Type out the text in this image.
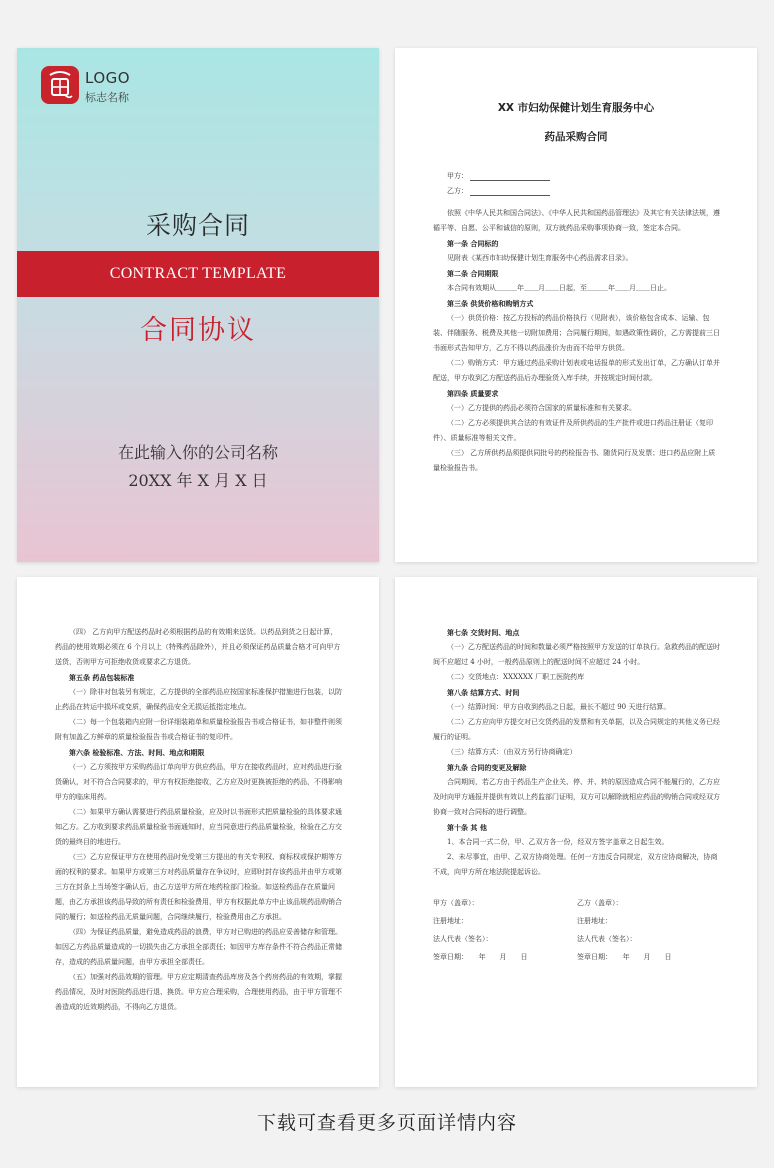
LOGO
标志名称
采购合同
CONTRACT TEMPLATE
合同协议
在此输入你的公司名称
20XX 年 X 月 X 日
XX 市妇幼保健计划生育服务中心
药品采购合同
甲方：
乙方：

依照《中华人民共和国合同法》、《中华人民共和国药品管理法》及其它有关法律法规，遵循平等、自愿、公平和诚信的原则，双方就药品采购事项协商一致，签定本合同。

第一条 合同标的

见附表《某西市妇幼保健计划生育服务中心药品需求目录》。

第二条 合同期限

本合同有效期从＿＿＿年＿＿月＿＿日起，至＿＿＿年＿＿月＿＿日止。

第三条 供货价格和购销方式

（一）供货价格：按乙方投标的药品价格执行（见附表），该价格包含成本、运输、包装、伴随服务、税费及其他一切附加费用；合同履行期间，如遇政策性调价，乙方需提前三日书面形式告知甲方，乙方不得以药品涨价为由而不给甲方供货。

（二）购销方式：甲方通过药品采购计划表或电话报单的形式发出订单，乙方确认订单并配送，甲方收到乙方配送药品后办理验货入库手续，并按规定时间付款。

第四条 质量要求

（一）乙方提供的药品必须符合国家的质量标准和有关要求。

（二）乙方必须提供其合法的有效证件及所供药品的生产批件或进口药品注册证（复印件）、质量标准等相关文件。

（三） 乙方所供药品须提供同批号的药检报告书、随货同行及发票；进口药品应附上质量检验报告书。

（四） 乙方向甲方配送药品时必须根据药品的有效期来送货。以药品到货之日起计算，药品的使用效期必须在 6 个月以上（特殊药品除外），并且必须保证药品质量合格才可向甲方送货，否则甲方可拒绝收货或要求乙方退货。

第五条 药品包装标准

（一）除非对包装另有规定，乙方提供的全部药品应按国家标准保护措施进行包装，以防止药品在转运中损坏或变质，确保药品安全无损运抵指定地点。

（二）每一个包装箱内应附一份详细装箱单和质量检验报告书或合格证书，如非整件则须附有加盖乙方鲜章的质量检验报告书或合格证书的复印件。

第六条 检验标准、方法、时间、地点和期限

（一）乙方须按甲方采购药品订单向甲方供应药品，甲方在接收药品时，应对药品进行验货确认，对不符合合同要求的，甲方有权拒绝接收，乙方应及时更换被拒绝的药品，不得影响甲方的临床用药。

（二）如果甲方确认需要进行药品质量检验，应及时以书面形式把质量检验的具体要求通知乙方。乙方收到要求药品质量检验书面通知时，应当同意进行药品质量检验，检验在乙方交货的最终目的地进行。

（三）乙方应保证甲方在使用药品时免受第三方提出的有关专利权、商标权或保护期等方面的权利的要求。如果甲方或第三方对药品质量存在争议时，应即时封存该药品并由甲方或第三方在封条上当场签字确认后，由乙方送甲方所在地药检部门检验。如送检药品存在质量问题，由乙方承担该药品导致的所有责任和检验费用，甲方有权据此单方中止该品规药品购销合同的履行；如送检药品无质量问题，合同继续履行，检验费用由乙方承担。

（四）为保证药品质量，避免造成药品的浪费，甲方对已购进的药品应妥善储存和管理。如因乙方药品质量造成的一切损失由乙方承担全部责任；如因甲方库存条件不符合药品正常储存，造成的药品质量问题，由甲方承担全部责任。

（五）加强对药品效期的管理。甲方应定期清查药品库房及各个药房药品的有效期，掌握药品情况，及时对医院药品进行退、换货。甲方应合理采购，合理使用药品，由于甲方管理不善造成的近效期药品，不得向乙方退货。

第七条 交货时间、地点

（一）乙方配送药品的时间和数量必须严格按照甲方发送的订单执行。急救药品的配送时间不应超过 4 小时，一般药品原则上的配送时间不应超过 24 小时。

（二）交货地点：XXXXXX 厂职工医院药库

第八条 结算方式、时间

（一）结算时间：甲方自收到药品之日起，最长不超过 90 天进行结算。

（二）乙方应向甲方提交对已交货药品的发票和有关单据，以及合同规定的其他义务已经履行的证明。

（三）结算方式：（由双方另行协商确定）

第九条 合同的变更及解除

合同期间，若乙方由于药品生产企业关、停、并、转的原因造成合同不能履行的，乙方应及时向甲方通报并提供有效以上药监部门证明，双方可以解除就相应药品的购销合同或经双方协商一致对合同标的进行调整。

第十条 其 他

1、本合同一式二份，甲、乙双方各一份，经双方签字盖章之日起生效。

2、未尽事宜，由甲、乙双方协商处理。任何一方违反合同规定，双方应协商解决，协商不成，向甲方所在地法院提起诉讼。

甲方（盖章）：	乙方（盖章）：
注册地址：	注册地址：
法人代表（签名）：	法人代表（签名）：
签章日期：　　年　　月　　日	签章日期：　　年　　月　　日
下载可查看更多页面详情内容
